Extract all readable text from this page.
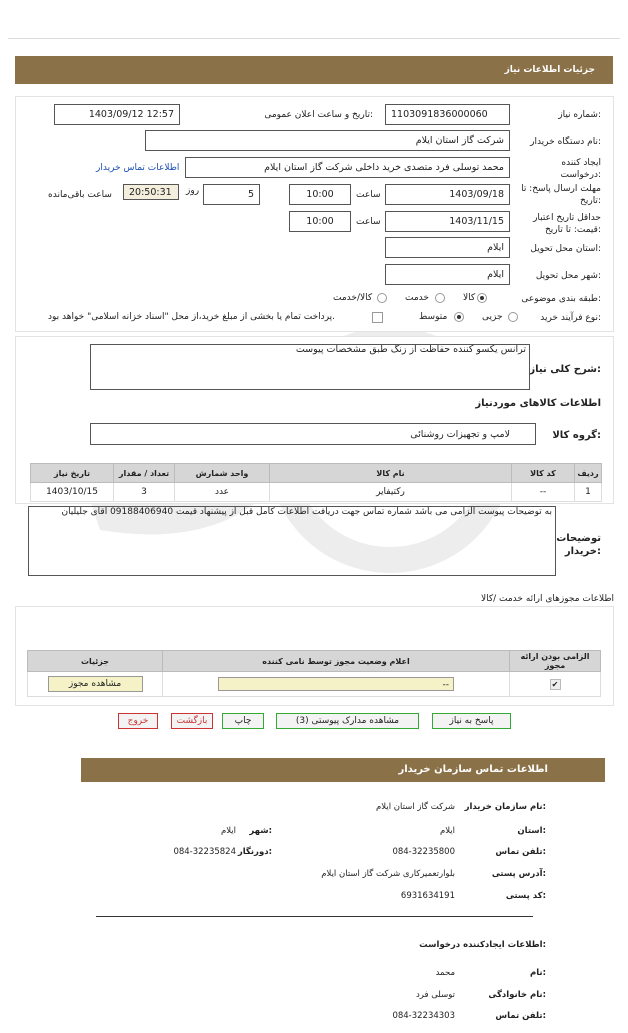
جزئیات اطلاعات نیاز
شماره نیاز:
1103091836000060
تاریخ و ساعت اعلان عمومی:
1403/09/12 12:57
نام دستگاه خریدار:
شرکت گاز استان ایلام
ایجاد کننده درخواست:
محمد توسلی فرد متصدی خرید داخلی شرکت گاز استان ایلام
اطلاعات تماس خریدار
مهلت ارسال پاسخ: تا تاریخ:
1403/09/18
ساعت
10:00
5
روز
20:50:31
ساعت باقی‌مانده
حداقل تاریخ اعتبار قیمت: تا تاریخ:
1403/11/15
ساعت
10:00
استان محل تحویل:
ایلام
شهر محل تحویل:
ایلام
طبقه بندی موضوعی:
کالا
خدمت
کالا/خدمت
نوع فرآیند خرید:
جزیی
متوسط
پرداخت تمام یا بخشی از مبلغ خرید،از محل "اسناد خزانه اسلامی" خواهد بود.
شرح کلی نیاز:
ترانس یکسو کننده حفاظت از زنگ طبق مشخصات پیوست
اطلاعات کالاهای موردنیاز
گروه کالا:
لامپ و تجهیزات روشنائی
ردیف	کد کالا	نام کالا	واحد شمارش	تعداد / مقدار	تاریخ نیاز
1	--	رکتیفایر	عدد	3	1403/10/15
توضیحات خریدار:
به توضیحات پیوست الزامی می باشد شماره تماس جهت دریافت اطلاعات کامل قبل از پیشنهاد قیمت 09188406940 آقای جلیلیان
اطلاعات مجوزهای ارائه خدمت /کالا
الزامی بودن ارائه مجوز	اعلام وضعیت مجوز توسط نامی کننده	جزئیات
✔	--	مشاهده مجوز
پاسخ به نیاز
مشاهده مدارک پیوستی (3)
چاپ
بازگشت
خروج
اطلاعات تماس سازمان خریدار
نام سازمان خریدار:
شرکت گاز استان ایلام
استان:
ایلام
شهر:
ایلام
تلفن تماس:
084-32235800
دورنگار:
084-32235824
آدرس پستی:
بلوارتعمیرکاری شرکت گاز استان ایلام
کد پستی:
6931634191
اطلاعات ایجادکننده درخواست:
نام:
محمد
نام خانوادگی:
توسلی فرد
تلفن تماس:
084-32234303
